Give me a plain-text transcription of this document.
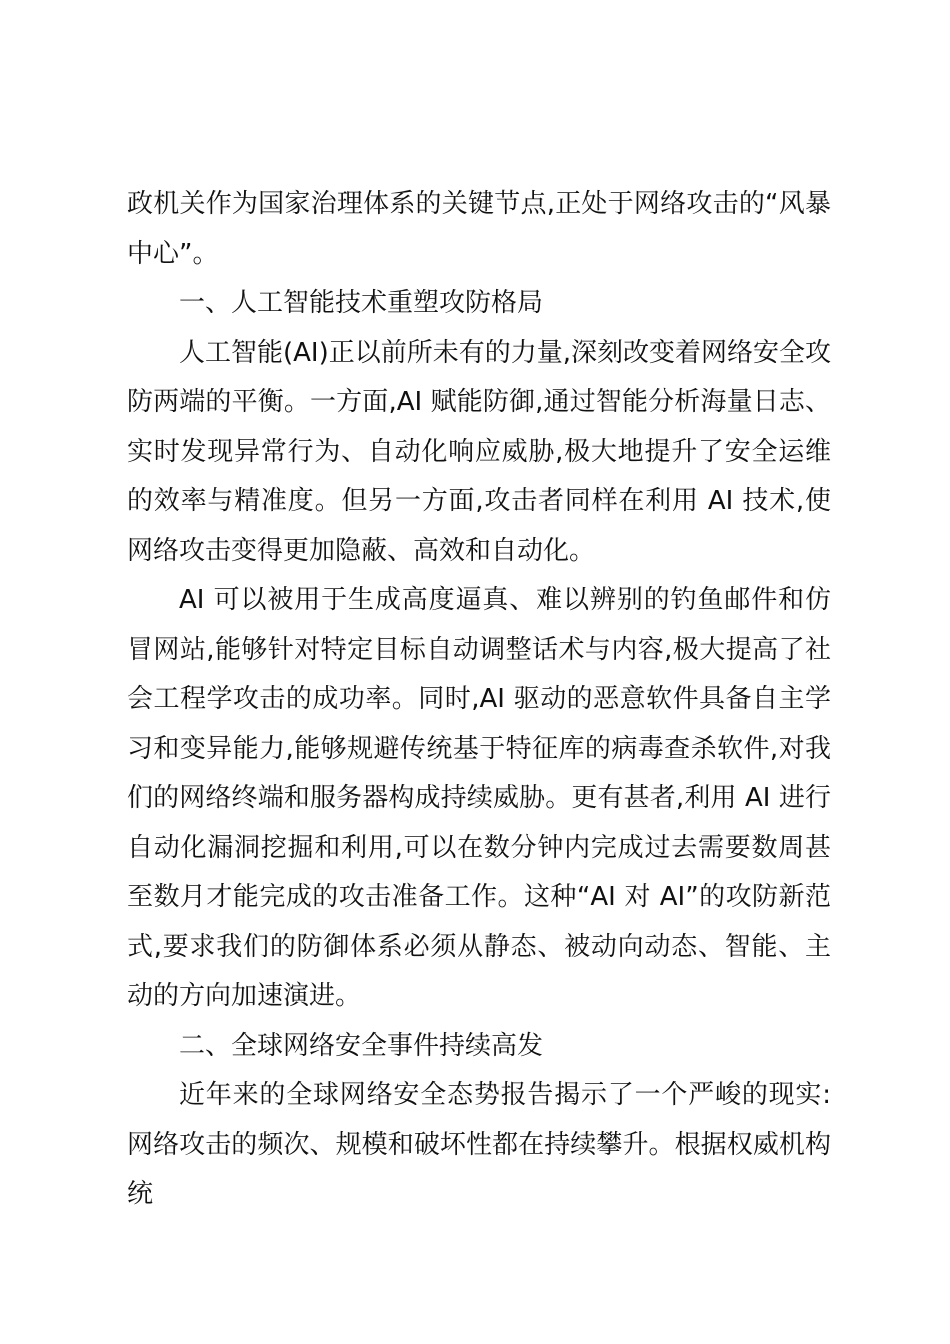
政机关作为国家治理体系的关键节点,正处于网络攻击的“风暴中心”。

一、人工智能技术重塑攻防格局

人工智能(AI)正以前所未有的力量,深刻改变着网络安全攻防两端的平衡。一方面,AI 赋能防御,通过智能分析海量日志、实时发现异常行为、自动化响应威胁,极大地提升了安全运维的效率与精准度。但另一方面,攻击者同样在利用 AI 技术,使网络攻击变得更加隐蔽、高效和自动化。

AI 可以被用于生成高度逼真、难以辨别的钓鱼邮件和仿冒网站,能够针对特定目标自动调整话术与内容,极大提高了社会工程学攻击的成功率。同时,AI 驱动的恶意软件具备自主学习和变异能力,能够规避传统基于特征库的病毒查杀软件,对我们的网络终端和服务器构成持续威胁。更有甚者,利用 AI 进行自动化漏洞挖掘和利用,可以在数分钟内完成过去需要数周甚至数月才能完成的攻击准备工作。这种“AI 对 AI”的攻防新范式,要求我们的防御体系必须从静态、被动向动态、智能、主动的方向加速演进。

二、全球网络安全事件持续高发

近年来的全球网络安全态势报告揭示了一个严峻的现实:网络攻击的频次、规模和破坏性都在持续攀升。根据权威机构统
